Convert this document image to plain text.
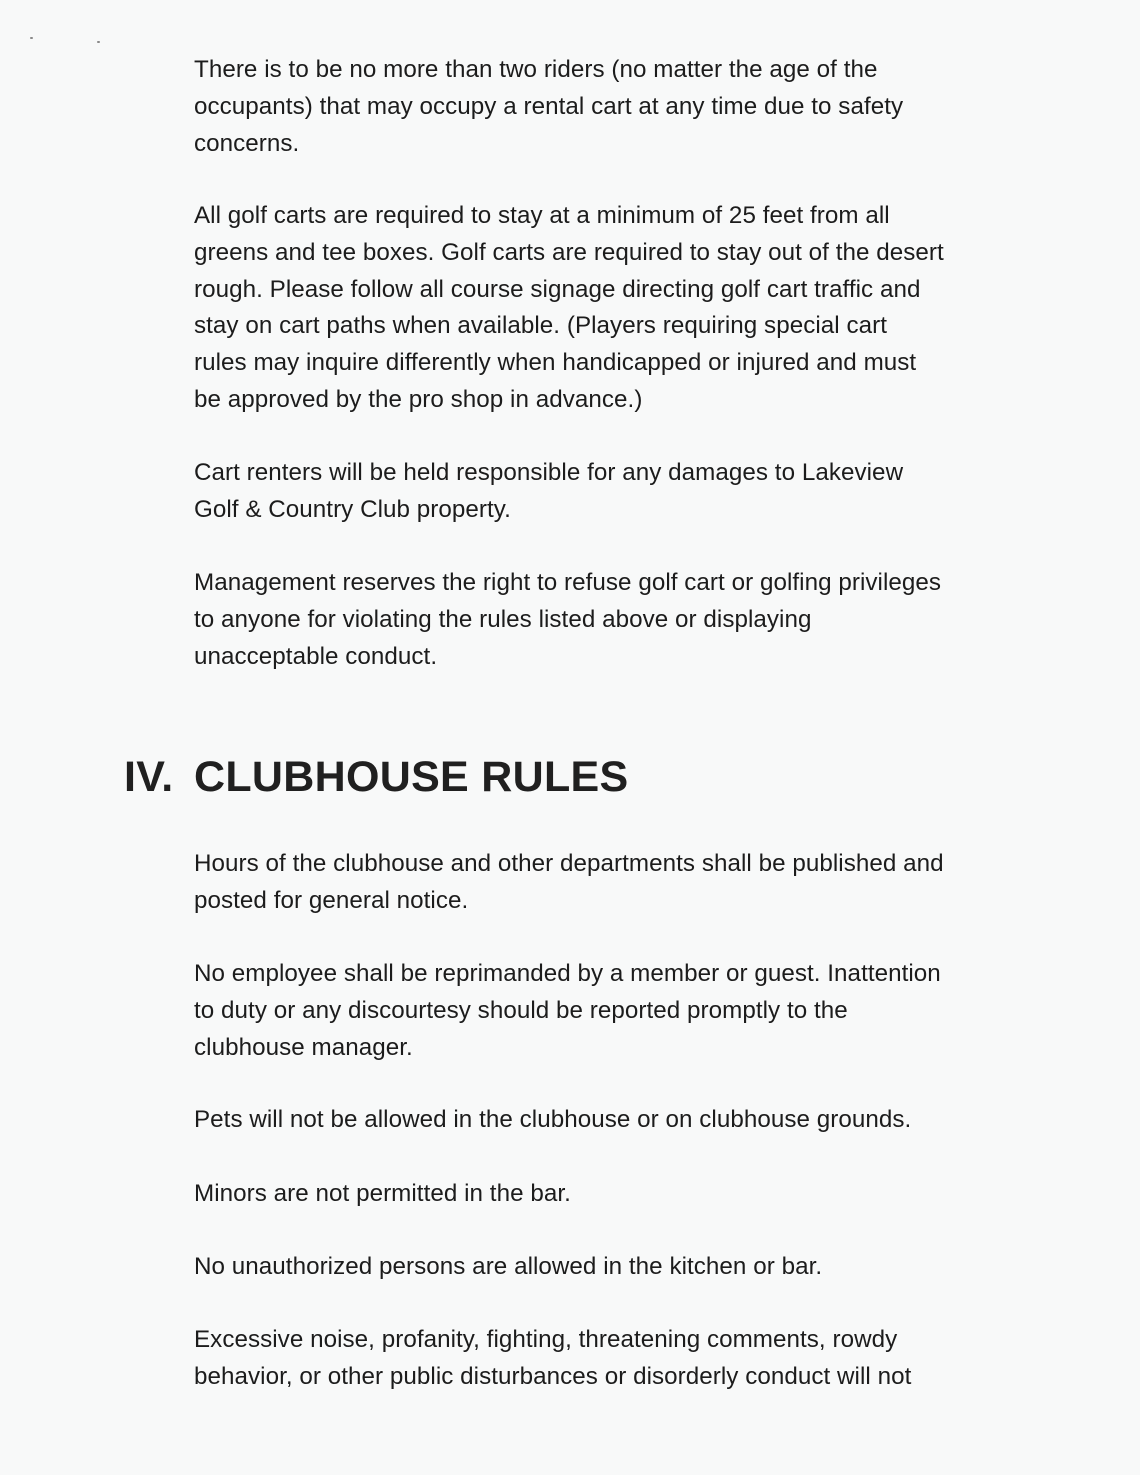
There is to be no more than two riders (no matter the age of the
occupants) that may occupy a rental cart at any time due to safety
concerns.

All golf carts are required to stay at a minimum of 25 feet from all
greens and tee boxes. Golf carts are required to stay out of the desert
rough. Please follow all course signage directing golf cart traffic and
stay on cart paths when available. (Players requiring special cart
rules may inquire differently when handicapped or injured and must
be approved by the pro shop in advance.)

Cart renters will be held responsible for any damages to Lakeview
Golf & Country Club property.

Management reserves the right to refuse golf cart or golfing privileges
to anyone for violating the rules listed above or displaying
unacceptable conduct.

IV. CLUBHOUSE RULES

Hours of the clubhouse and other departments shall be published and
posted for general notice.

No employee shall be reprimanded by a member or guest. Inattention
to duty or any discourtesy should be reported promptly to the
clubhouse manager.

Pets will not be allowed in the clubhouse or on clubhouse grounds.

Minors are not permitted in the bar.

No unauthorized persons are allowed in the kitchen or bar.

Excessive noise, profanity, fighting, threatening comments, rowdy
behavior, or other public disturbances or disorderly conduct will not
